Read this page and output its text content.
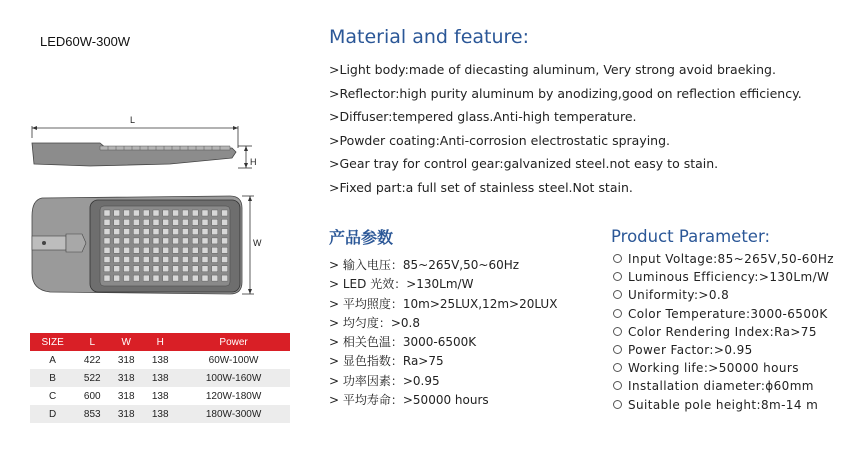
LED60W-300W
L
H
W
SIZE	L	W	H	Power
A	422	318	138	60W-100W
B	522	318	138	100W-160W
C	600	318	138	120W-180W
D	853	318	138	180W-300W
Material and feature:
>Light body:made of diecasting aluminum, Very strong avoid braeking.
>Reflector:high purity aluminum by anodizing,good on reflection efficiency.
>Diffuser:tempered glass.Anti-high temperature.
>Powder coating:Anti-corrosion electrostatic spraying.
>Gear tray for control gear:galvanized steel.not easy to stain.
>Fixed part:a full set of stainless steel.Not stain.
产品参数
> 输入电压：85~265V,50~60Hz
> LED 光效：>130Lm/W
> 平均照度：10m>25LUX,12m>20LUX
> 均匀度：>0.8
> 相关色温：3000-6500K
> 显色指数：Ra>75
> 功率因素：>0.95
> 平均寿命：>50000 hours
Product Parameter:
Input Voltage:85~265V,50-60Hz
Luminous Efficiency:>130Lm/W
Uniformity:>0.8
Color Temperature:3000-6500K
Color Rendering Index:Ra>75
Power Factor:>0.95
Working life:>50000 hours
Installation diameter:ϕ60mm
Suitable pole height:8m-14 m
